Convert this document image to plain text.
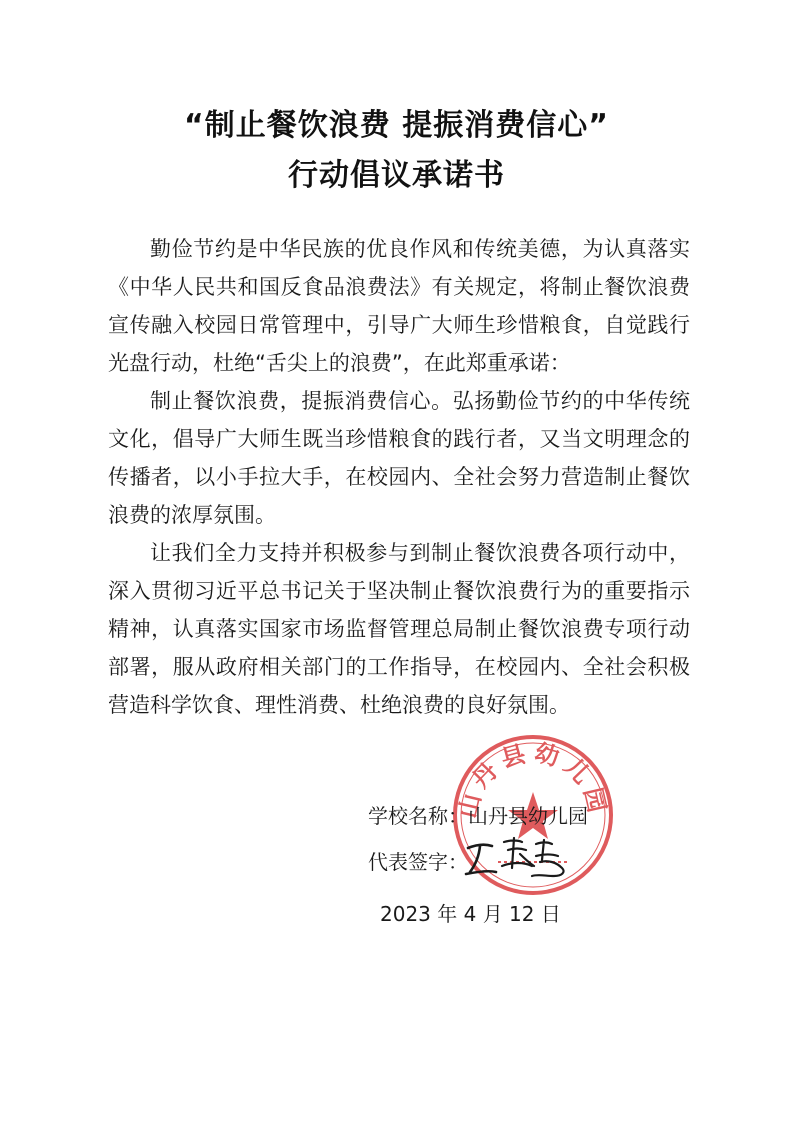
“制止餐饮浪费 提振消费信心”
行动倡议承诺书

勤俭节约是中华民族的优良作风和传统美德，为认真落实《中华人民共和国反食品浪费法》有关规定，将制止餐饮浪费宣传融入校园日常管理中，引导广大师生珍惜粮食，自觉践行光盘行动，杜绝“舌尖上的浪费”，在此郑重承诺：

制止餐饮浪费，提振消费信心。弘扬勤俭节约的中华传统文化，倡导广大师生既当珍惜粮食的践行者，又当文明理念的传播者，以小手拉大手，在校园内、全社会努力营造制止餐饮浪费的浓厚氛围。

让我们全力支持并积极参与到制止餐饮浪费各项行动中，深入贯彻习近平总书记关于坚决制止餐饮浪费行为的重要指示精神，认真落实国家市场监督管理总局制止餐饮浪费专项行动部署，服从政府相关部门的工作指导，在校园内、全社会积极营造科学饮食、理性消费、杜绝浪费的良好氛围。

山丹县幼儿园
学校名称：山丹县幼儿园
代表签字：
2023 年 4 月 12 日
